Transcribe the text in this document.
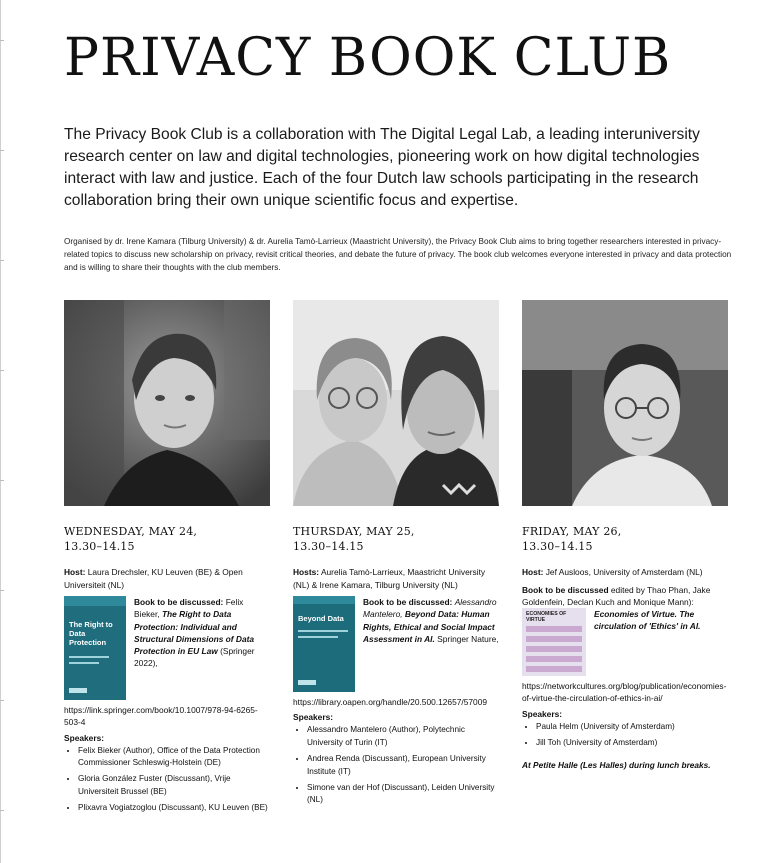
PRIVACY BOOK CLUB

The Privacy Book Club is a collaboration with The Digital Legal Lab, a leading interuniversity research center on law and digital technologies, pioneering work on how digital technologies interact with law and justice. Each of the four Dutch law schools participating in the research collaboration bring their own unique scientific focus and expertise.

Organised by dr. Irene Kamara (Tilburg University) & dr. Aurelia Tamò-Larrieux (Maastricht University), the Privacy Book Club aims to bring together researchers interested in privacy-related topics to discuss new scholarship on privacy, revisit critical theories, and debate the future of privacy. The book club welcomes everyone interested in privacy and data protection and is willing to share their thoughts with the club members.

WEDNESDAY, MAY 24,
13.30–14.15
Host: Laura Drechsler, KU Leuven (BE) & Open Universiteit (NL)
The Right to Data Protection
Book to be discussed: Felix Bieker, The Right to Data Protection: Individual and Structural Dimensions of Data Protection in EU Law (Springer 2022), https://link.springer.com/book/10.1007/978-94-6265-503-4
Speakers:
• Felix Bieker (Author), Office of the Data Protection Commissioner Schleswig-Holstein (DE)
• Gloria González Fuster (Discussant), Vrije Universiteit Brussel (BE)
• Plixavra Vogiatzoglou (Discussant), KU Leuven (BE)
THURSDAY, MAY 25,
13.30–14.15
Hosts: Aurelia Tamò-Larrieux, Maastricht University (NL) & Irene Kamara, Tilburg University (NL)
Beyond Data
Book to be discussed: Alessandro Mantelero, Beyond Data: Human Rights, Ethical and Social Impact Assessment in AI. Springer Nature, https://library.oapen.org/handle/20.500.12657/57009
Speakers:
• Alessandro Mantelero (Author), Polytechnic University of Turin (IT)
• Andrea Renda (Discussant), European University Institute (IT)
• Simone van der Hof (Discussant), Leiden University (NL)
FRIDAY, MAY 26,
13.30–14.15
Host: Jef Ausloos, University of Amsterdam (NL)
Book to be discussed edited by Thao Phan, Jake Goldenfein, Declan Kuch and Monique Mann):
ECONOMIES OF VIRTUE
Economies of Virtue. The circulation of 'Ethics' in AI. https://networkcultures.org/blog/publication/economies-of-virtue-the-circulation-of-ethics-in-ai/
Speakers:
• Paula Helm (University of Amsterdam)
• Jill Toh (University of Amsterdam)
At Petite Halle (Les Halles) during lunch breaks.
